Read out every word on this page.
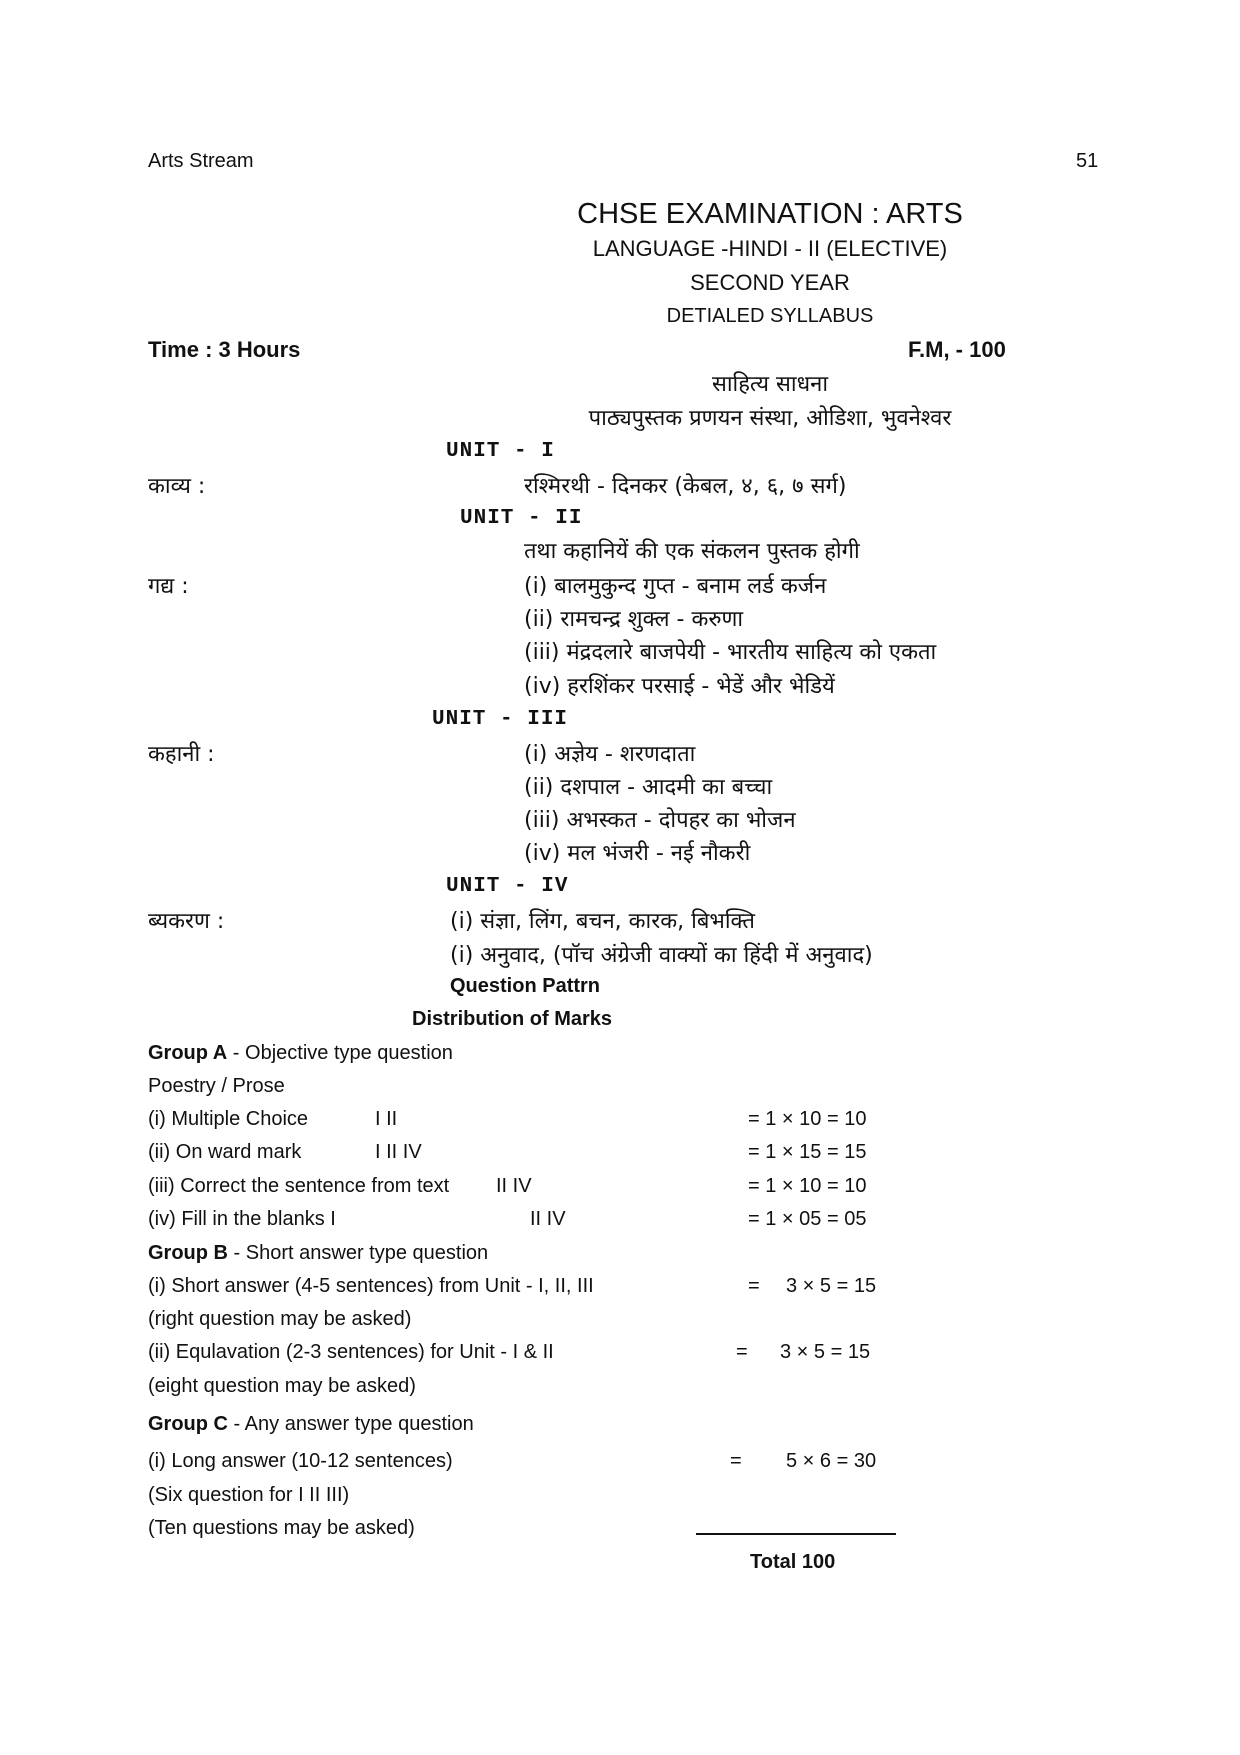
Arts Stream	51
CHSE EXAMINATION : ARTS
LANGUAGE -HINDI - II (ELECTIVE)
SECOND YEAR
DETIALED SYLLABUS
Time : 3 Hours	F.M, - 100
साहित्य साधना
पाठ्यपुस्तक प्रणयन संस्था, ओडिशा, भुवनेश्वर
UNIT - I
काव्य :	रश्मिरथी - दिनकर (केबल, ४, ६, ७ सर्ग)
UNIT - II
तथा कहानियें की एक संकलन पुस्तक होगी
गद्य :	(i) बालमुकुन्द गुप्त - बनाम लर्ड कर्जन
(ii) रामचन्द्र शुक्ल - करुणा
(iii) मंद्रदलारे बाजपेयी - भारतीय साहित्य को एकता
(iv) हरशिंकर परसाई - भेडें और भेडियें
UNIT - III
कहानी :	(i) अज्ञेय - शरणदाता
(ii) दशपाल - आदमी का बच्चा
(iii) अभस्कत - दोपहर का भोजन
(iv) मल भंजरी - नई नौकरी
UNIT - IV
ब्यकरण :	(i) संज्ञा, लिंग, बचन, कारक, बिभक्ति
(i) अनुवाद, (पॉच अंग्रेजी वाक्यों का हिंदी में अनुवाद)
Question Pattrn
Distribution of Marks
Group A - Objective type question
Poestry / Prose
(i) Multiple Choice	I II	= 1 × 10 = 10
(ii) On ward mark	I II IV	= 1 × 15 = 15
(iii) Correct the sentence from text II IV	= 1 × 10 = 10
(iv) Fill in the blanks I	II IV	= 1 × 05 = 05
Group B - Short answer type question
(i) Short answer (4-5 sentences) from Unit - I, II, III	= 3 × 5 = 15
(right question may be asked)
(ii) Equlavation (2-3 sentences) for Unit - I & II	= 3 × 5 = 15
(eight question may be asked)
Group C - Any answer type question
(i) Long answer (10-12 sentences)	= 5 × 6 = 30
(Six question for I II III)
(Ten questions may be asked)
Total 100
